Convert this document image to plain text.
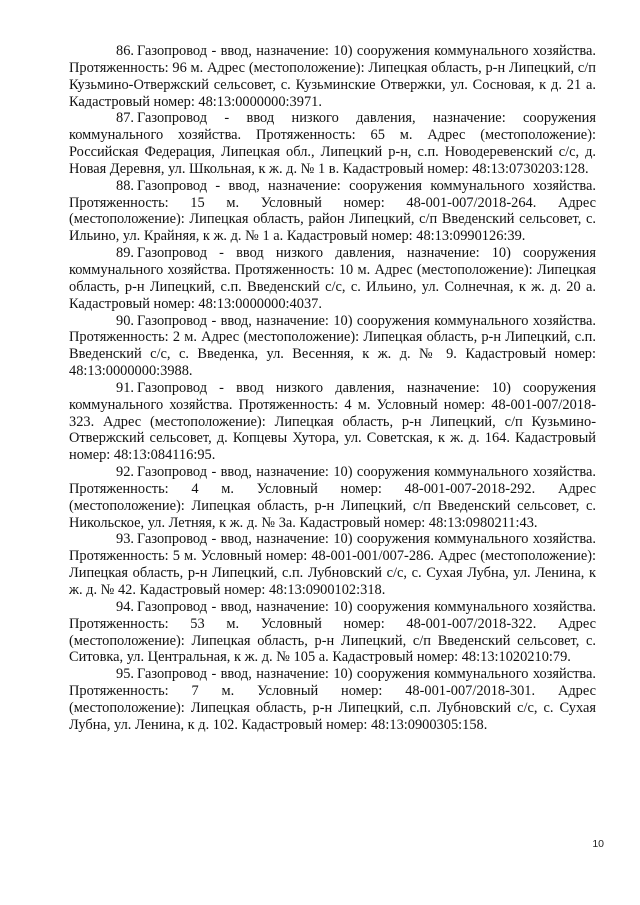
86. Газопровод - ввод, назначение: 10) сооружения коммунального хозяйства. Протяженность: 96 м. Адрес (местоположение): Липецкая область, р-н Липецкий, с/п Кузьмино-Отвержский сельсовет, с. Кузьминские Отвержки, ул. Сосновая, к д. 21 а. Кадастровый номер: 48:13:0000000:3971.

87. Газопровод - ввод низкого давления, назначение: сооружения коммунального хозяйства. Протяженность: 65 м. Адрес (местоположение): Российская Федерация, Липецкая обл., Липецкий р-н, с.п. Новодеревенский с/с, д. Новая Деревня, ул. Школьная, к ж. д. № 1 в. Кадастровый номер: 48:13:0730203:128.

88. Газопровод - ввод, назначение: сооружения коммунального хозяйства. Протяженность: 15 м. Условный номер: 48-001-007/2018-264. Адрес (местоположение): Липецкая область, район Липецкий, с/п Введенский сельсовет, с. Ильино, ул. Крайняя, к ж. д. № 1 а. Кадастровый номер: 48:13:0990126:39.

89. Газопровод - ввод низкого давления, назначение: 10) сооружения коммунального хозяйства. Протяженность: 10 м. Адрес (местоположение): Липецкая область, р-н Липецкий, с.п. Введенский с/с, с. Ильино, ул. Солнечная, к ж. д. 20 а. Кадастровый номер: 48:13:0000000:4037.

90. Газопровод - ввод, назначение: 10) сооружения коммунального хозяйства. Протяженность: 2 м. Адрес (местоположение): Липецкая область, р-н Липецкий, с.п. Введенский с/с, с. Введенка, ул. Весенняя, к ж. д. № 9. Кадастровый номер: 48:13:0000000:3988.

91. Газопровод - ввод низкого давления, назначение: 10) сооружения коммунального хозяйства. Протяженность: 4 м. Условный номер: 48-001-007/2018-323. Адрес (местоположение): Липецкая область, р-н Липецкий, с/п Кузьмино-Отвержский сельсовет, д. Копцевы Хутора, ул. Советская, к ж. д. 164. Кадастровый номер: 48:13:084116:95.

92. Газопровод - ввод, назначение: 10) сооружения коммунального хозяйства. Протяженность: 4 м. Условный номер: 48-001-007-2018-292. Адрес (местоположение): Липецкая область, р-н Липецкий, с/п Введенский сельсовет, с. Никольское, ул. Летняя, к ж. д. № 3а. Кадастровый номер: 48:13:0980211:43.

93. Газопровод - ввод, назначение: 10) сооружения коммунального хозяйства. Протяженность: 5 м. Условный номер: 48-001-001/007-286. Адрес (местоположение): Липецкая область, р-н Липецкий, с.п. Лубновский с/с, с. Сухая Лубна, ул. Ленина, к ж. д. № 42. Кадастровый номер: 48:13:0900102:318.

94. Газопровод - ввод, назначение: 10) сооружения коммунального хозяйства. Протяженность: 53 м. Условный номер: 48-001-007/2018-322. Адрес (местоположение): Липецкая область, р-н Липецкий, с/п Введенский сельсовет, с. Ситовка, ул. Центральная, к ж. д. № 105 а. Кадастровый номер: 48:13:1020210:79.

95. Газопровод - ввод, назначение: 10) сооружения коммунального хозяйства. Протяженность: 7 м. Условный номер: 48-001-007/2018-301. Адрес (местоположение): Липецкая область, р-н Липецкий, с.п. Лубновский с/с, с. Сухая Лубна, ул. Ленина, к д. 102. Кадастровый номер: 48:13:0900305:158.

10
